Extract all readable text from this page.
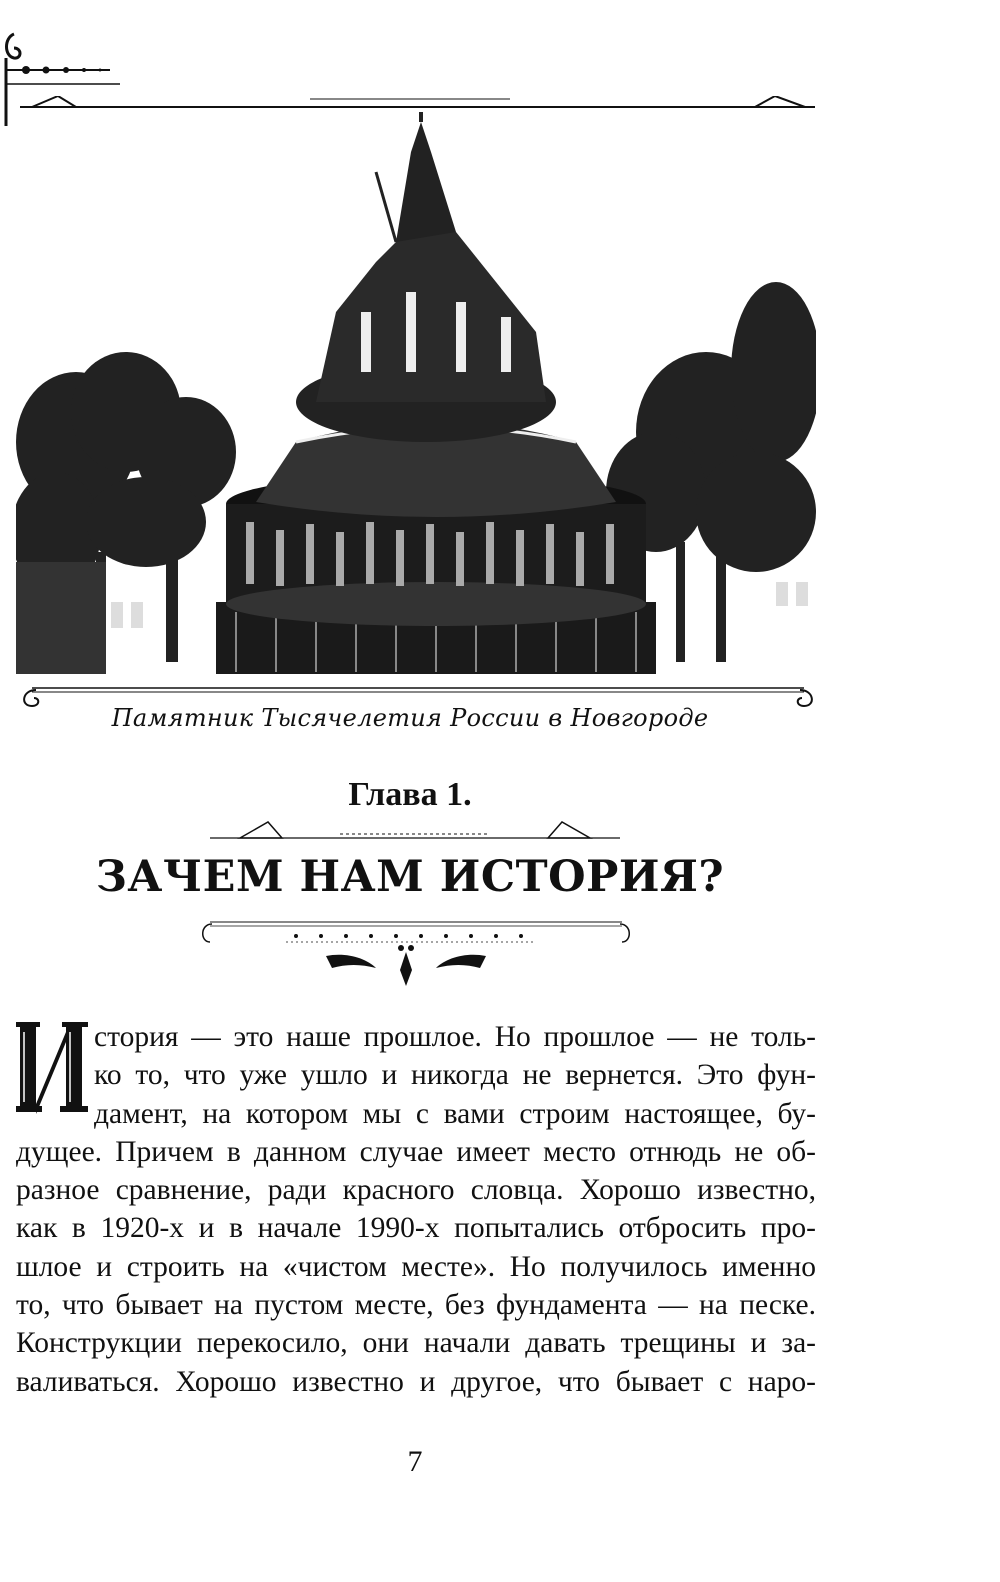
Памятник Тысячелетия России в Новгороде
Глава 1.
ЗАЧЕМ НАМ ИСТОРИЯ?
И
стория — это наше прошлое. Но прошлое — не толь-
ко то, что уже ушло и никогда не вернется. Это фун-
дамент, на котором мы с вами строим настоящее, бу-
дущее. Причем в данном случае имеет место отнюдь не об-
разное сравнение, ради красного словца. Хорошо известно,
как в 1920-х и в начале 1990-х попытались отбросить про-
шлое и строить на «чистом месте». Но получилось именно
то, что бывает на пустом месте, без фундамента — на песке.
Конструкции перекосило, они начали давать трещины и за-
валиваться. Хорошо известно и другое, что бывает с наро-
7
